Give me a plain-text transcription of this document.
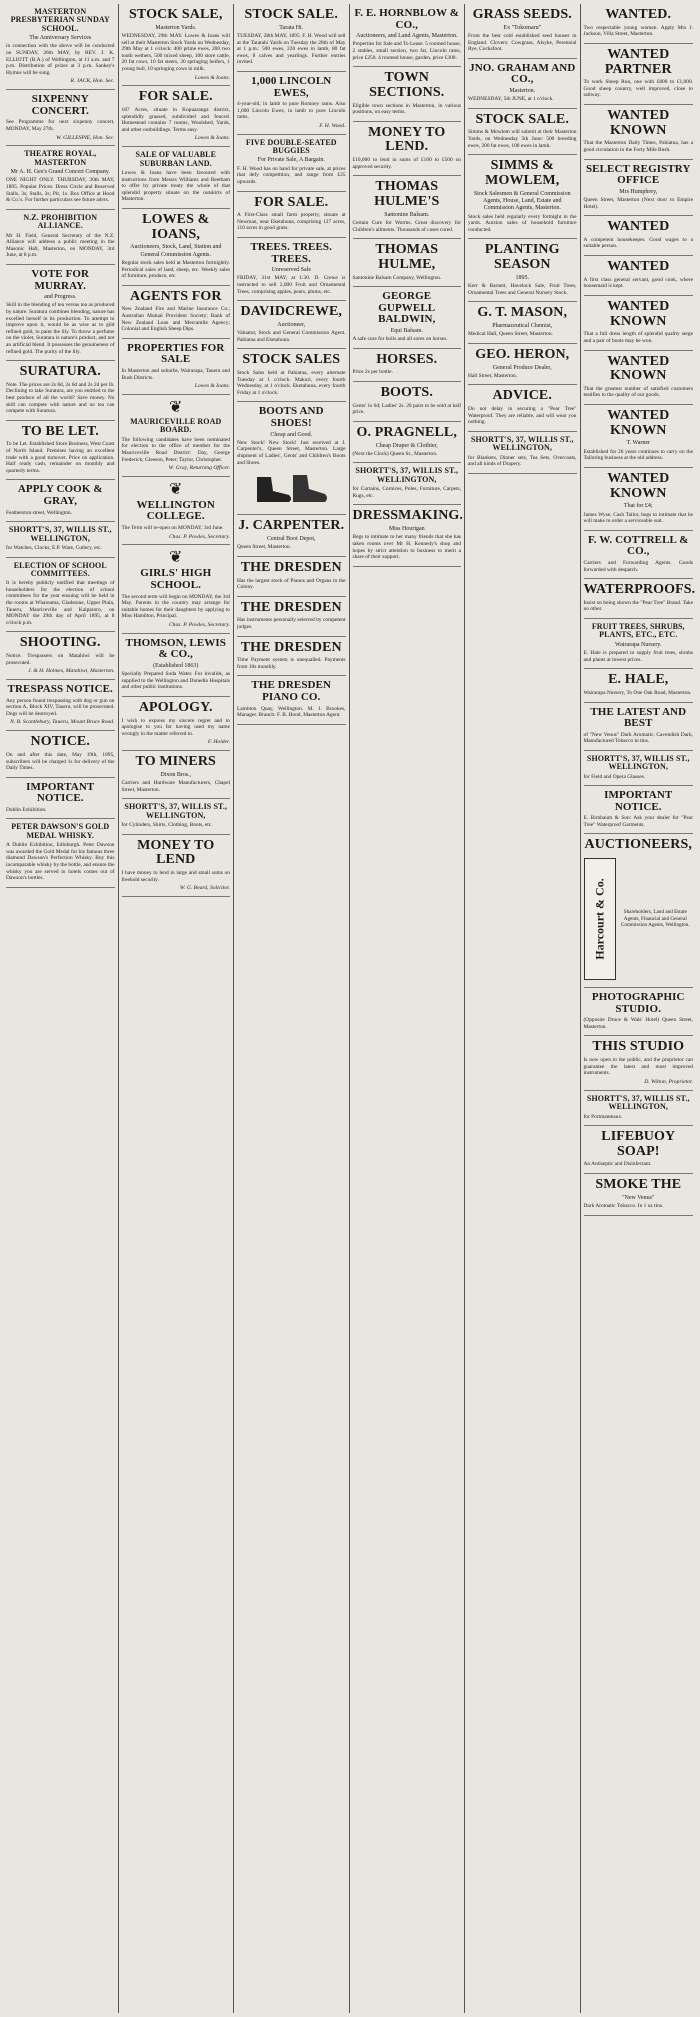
MASTERTON PRESBYTERIAN SUNDAY SCHOOL.
The Anniversary Services
in connection with the above will be conducted on SUNDAY, 26th MAY, by REV. J. K. ELLIOTT (B.A.) of Wellington, at 11 a.m. and 7 p.m. Distribution of prizes at 3 p.m. Sankey's Hymns will be sung.
R. JACK, Hon. Sec.
SIXPENNY CONCERT.
See Programme for next sixpenny concert, MONDAY, May 27th.
W. GILLESPIE, Hon. Sec.
THEATRE ROYAL, MASTERTON
Mr A. H. Gee's Grand Concert Company.
ONE NIGHT ONLY. THURSDAY, 30th MAY, 1895. Popular Prices: Dress Circle and Reserved Stalls, 3s; Stalls, 2s; Pit, 1s. Box Office at Hood & Co.'s. For further particulars see future advts.
N.Z. PROHIBITION ALLIANCE.
Mr H. Field, General Secretary of the N.Z. Alliance will address a public meeting in the Masonic Hall, Masterton, on MONDAY, 3rd June, at 8 p.m.
VOTE FOR MURRAY.
and Progress.
Skill in the blending of tea versus tea as produced by nature. Suratura combines blending, nature has excelled herself in its production. To attempt to improve upon it, would be as wise as to gild refined gold, to paint the lily. To throw a perfume on the violet, Suratura is nature's product, and not an artificial blend. It possesses the genuineness of refined gold. The purity of the lily.
SURATURA.
Note. The prices are 2s 8d, 2s 6d and 2s 2d per lb. Declining to take Suratura, are you entitled to the best produce of all the world? Save money. No skill can compete with nature and no tea can compete with Suratura.
TO BE LET.
To be Let. Established Store Business, West Coast of North Island. Premises having an excellent trade with a good turnover. Price on application. Half ready cash, remainder on monthly and quarterly terms.
APPLY COOK & GRAY,
Featherston street, Wellington.
SHORTT'S, 37, WILLIS ST., WELLINGTON,
for Watches, Clocks, E.P. Ware, Cutlery, etc.
ELECTION OF SCHOOL COMMITTEES.
It is hereby publicly notified that meetings of householders for the election of school committees for the year ensuing will be held in the rooms at Whareama, Gladstone, Upper Plain, Taueru, Mauriceville and Kaiparoro, on MONDAY the 29th day of April 1895, at 8 o'clock p.m.
SHOOTING.
Notice. Trespassers on Matahiwi will be prosecuted.
J. & H. Holmes, Matahiwi, Masterton.
TRESPASS NOTICE.
Any person found trespassing with dog or gun on section A, Block XIV, Taueru, will be prosecuted. Dogs will be destroyed.
N. B. Scantlebury, Taueru, Mount Bruce Road.
NOTICE.
On and after this date, May 19th, 1895, subscribers will be charged 1s for delivery of the Daily Times.
IMPORTANT NOTICE.
Dublin Exhibition.
PETER DAWSON'S GOLD MEDAL WHISKY.
A Dublin Exhibition, Edinburgh. Peter Dawson was awarded the Gold Medal for his famous three diamond Dawson's Perfection Whisky. Buy this incomparable whisky by the bottle, and ensure the whisky you are served in hotels comes out of Dawson's bottles.
STOCK SALE,
Masterton Yards.
WEDNESDAY, 29th MAY. Lowes & Ioans will sell at their Masterton Stock Yards on Wednesday, 29th May at 1 o'clock: 400 prime ewes, 200 two tooth wethers, 500 mixed sheep, 100 store cattle, 20 fat cows, 10 fat steers, 30 springing heifers, 1 young bull, 10 springing cows in milk.
Lowes & Ioans.
FOR SALE.
187 Acres, situate in Kopuaranga district, splendidly grassed, subdivided and fenced. Homestead contains 7 rooms, Woolshed, Yards, and other outbuildings. Terms easy.
Lowes & Ioans.
SALE OF VALUABLE SUBURBAN LAND.
Lowes & Ioans have been favoured with instructions from Messrs Williams and Beetham to offer by private treaty the whole of that splendid property situate on the outskirts of Masterton.
LOWES & IOANS,
Auctioneers, Stock, Land, Station and General Commission Agents.
Regular stock sales held at Masterton fortnightly. Periodical sales of land, sheep, etc. Weekly sales of furniture, produce, etc.
AGENTS FOR
New Zealand Fire and Marine Insurance Co.; Australian Mutual Provident Society; Bank of New Zealand Loan and Mercantile Agency; Colonial and English Sheep Dips.
PROPERTIES FOR SALE
In Masterton and suburbs, Wairarapa, Taueru and Bush Districts.
Lowes & Ioans.
❦
MAURICEVILLE ROAD BOARD.
The following candidates have been nominated for election to the office of member for the Mauriceville Road District: Day, George Frederick; Gleeson, Peter; Taylor, Christopher.
W. Gray, Returning Officer.
❦
WELLINGTON COLLEGE.
The Term will re-open on MONDAY, 3rd June.
Chas. P. Powles, Secretary.
❦
GIRLS' HIGH SCHOOL.
The second term will begin on MONDAY, the 3rd May. Parents in the country may arrange for suitable homes for their daughters by applying to Miss Hamilton, Principal.
Chas. P. Powles, Secretary.
THOMSON, LEWIS & CO.,
(Established 1863)
Specially Prepared Soda Water. For invalids, as supplied to the Wellington and Dunedin Hospitals and other public institutions.
APOLOGY.
I wish to express my sincere regret and to apologise to you for having used my name wrongly in the matter referred to.
F. Holder.
TO MINERS
Dixon Bros.,
Carriers and Hardware Manufacturers, Chapel Street, Masterton.
SHORTT'S, 37, WILLIS ST., WELLINGTON,
for Cylinders, Shirts, Clothing, Boots, etc.
MONEY TO LEND
I have money to lend in large and small sums on freehold security.
W. G. Beard, Solicitor.
STOCK SALE.
Tarata Hi.
TUESDAY, 28th MAY, 1895. F. H. Wood will sell at the Taratahi Yards on Tuesday the 28th of May at 1 p.m.: 500 ewes, 220 ewes in lamb, 80 fat ewes, 8 calves and yearlings. Further entries invited.
1,000 LINCOLN EWES,
4-year-old, in lamb to pure Romney rams. Also 1,000 Lincoln Ewes, in lamb to pure Lincoln rams.
F. H. Wood.
FIVE DOUBLE-SEATED BUGGIES
For Private Sale, A Bargain.
F. H. Wood has on hand for private sale, at prices that defy competition, and range from £25 upwards.
FOR SALE.
A First-Class small farm property, situate at Newman, near Eketahuna, comprising 127 acres, 110 acres in good grass.
TREES. TREES. TREES.
Unreserved Sale
FRIDAY, 31st MAY, at 1:30. D. Crewe is instructed to sell 2,000 Fruit and Ornamental Trees, comprising apples, pears, plums, etc.
DAVIDCREWE,
Auctioneer,
Valuator, Stock and General Commission Agent. Pahiatua and Eketahuna.
STOCK SALES
Stock Sales held at Pahiatua, every alternate Tuesday at 1 o'clock. Makuri, every fourth Wednesday, at 1 o'clock. Eketahuna, every fourth Friday at 1 o'clock.
BOOTS AND SHOES!
Cheap and Good.
New Stock! New Stock! Just received at J. Carpenter's, Queen Street, Masterton. Large shipment of Ladies', Gents' and Children's Boots and Shoes.
J. CARPENTER.
Central Boot Depot,
Queen Street, Masterton.
THE DRESDEN
Has the largest stock of Pianos and Organs in the Colony.
THE DRESDEN
Has instruments personally selected by competent judges.
THE DRESDEN
Time Payment system is unequalled. Payments from 10s monthly.
THE DRESDEN PIANO CO.
Lambton Quay, Wellington. M. J. Brookes, Manager. Branch: F. B. Hood, Masterton Agent.
F. E. HORNBLOW & CO.,
Auctioneers, and Land Agents, Masterton.
Properties for Sale and To Lease. 5 roomed house, 2 stables, small section, two fat, Lincoln rams, price £250. 4 roomed house, garden, price £300.
TOWN SECTIONS.
Eligible town sections in Masterton, in various positions, on easy terms.
MONEY TO LEND.
£10,000 to lend in sums of £100 to £500 on approved security.
THOMAS HULME'S
Santonine Balsam.
Certain Cure for Worms. Great discovery for Children's ailments. Thousands of cases cured.
THOMAS HULME,
Santonine Balsam Company, Wellington.
GEORGE GUPWELL BALDWIN,
Equi Balsam.
A safe cure for boils and all sores on horses.
HORSES.
Price 2s per bottle.
BOOTS.
Gents' 1s 6d; Ladies' 2s. 20 pairs to be sold at half price.
O. PRAGNELL,
Cheap Draper & Clothier,
(Next the Clock) Queen St., Masterton.
SHORTT'S, 37, WILLIS ST., WELLINGTON,
for Curtains, Cornices, Poles, Furniture, Carpets, Rugs, etc.
DRESSMAKING.
Miss Hourigan
Begs to intimate to her many friends that she has taken rooms over Mr H. Kennedy's shop and hopes by strict attention to business to merit a share of their support.
GRASS SEEDS.
Ex "Tokomaru"
From the best cold established seed houses in England. Clovers: Cowgrass, Alsyke, Perennial Rye, Cocksfoot.
JNO. GRAHAM AND CO.,
Masterton.
WEDNESDAY, 5th JUNE, at 1 o'clock.
STOCK SALE.
Simms & Mowlem will submit at their Masterton Yards, on Wednesday 5th June: 500 breeding ewes, 200 fat ewes, 100 ewes in lamb.
SIMMS & MOWLEM,
Stock Salesmen & General Commission Agents, House, Land, Estate and Commission Agents, Masterton.
Stock sales held regularly every fortnight in the yards. Auction sales of household furniture conducted.
PLANTING SEASON
1895.
Kerr & Barnett, Havelock Sale, Fruit Trees, Ornamental Trees and General Nursery Stock.
G. T. MASON,
Pharmaceutical Chemist,
Medical Hall, Queen Street, Masterton.
GEO. HERON,
General Produce Dealer,
Hall Street, Masterton.
ADVICE.
Do not delay in securing a "Pear Tree" Waterproof. They are reliable, and will wear you nothing.
SHORTT'S, 37, WILLIS ST., WELLINGTON,
for Blankets, Dinner sets, Tea Sets, Overcoats, and all kinds of Drapery.
WANTED.
Two respectable young women. Apply Mrs J. Jackson, Villa Street, Masterton.
WANTED PARTNER
To work Sheep Run, one with £800 to £1,000. Good sheep country, well improved, close to railway.
WANTED KNOWN
That the Masterton Daily Times, Pahiatua, has a good circulation in the Forty Mile Bush.
SELECT REGISTRY OFFICE
Mrs Humphrey,
Queen Street, Masterton (Next door to Empire Hotel).
WANTED
A competent housekeeper. Good wages to a suitable person.
WANTED
A first class general servant, good cook, where housemaid is kept.
WANTED KNOWN
That a full dress length of splendid quality serge and a pair of boots may be won.
WANTED KNOWN
That the greatest number of satisfied customers testifies to the quality of our goods.
WANTED KNOWN
T. Warner
Established for 26 years continues to carry on the Tailoring business at the old address.
WANTED KNOWN
That for £4;
James Wyse, Cash Tailor, begs to intimate that he will make to order a serviceable suit.
F. W. COTTRELL & CO.,
Carriers and Forwarding Agents. Goods forwarded with despatch.
WATERPROOFS.
Insist on being shown the "Pear Tree" Brand. Take no other.
FRUIT TREES, SHRUBS, PLANTS, ETC., ETC.
Wairarapa Nursery.
E. Hale is prepared to supply fruit trees, shrubs and plants at lowest prices.
E. HALE,
Wairarapa Nursery, To One Oak Road, Masterton.
THE LATEST AND BEST
of "New Venus" Dark Aromatic. Cavendish Dark, Manufactured Tobacco in tins.
SHORTT'S, 37, WILLIS ST., WELLINGTON,
for Field and Opera Glasses.
IMPORTANT NOTICE.
E. Birnbaum & Son: Ask your dealer for "Pear Tree" Waterproof Garments.
AUCTIONEERS,
Harcourt & Co.	Shareholders, Land and Estate Agents, Financial and General Commission Agents, Wellington.
PHOTOGRAPHIC STUDIO.
(Opposite Druce & Wals' Hotel) Queen Street, Masterton.
THIS STUDIO
Is now open to the public, and the proprietor can guarantee the latest and most improved instruments.
D. Wilton, Proprietor.
SHORTT'S, 37, WILLIS ST., WELLINGTON,
for Portmanteaux.
LIFEBUOY SOAP!
An Antiseptic and Disinfectant.
SMOKE THE
"New Venus"
Dark Aromatic Tobacco. In 1 oz tins.
